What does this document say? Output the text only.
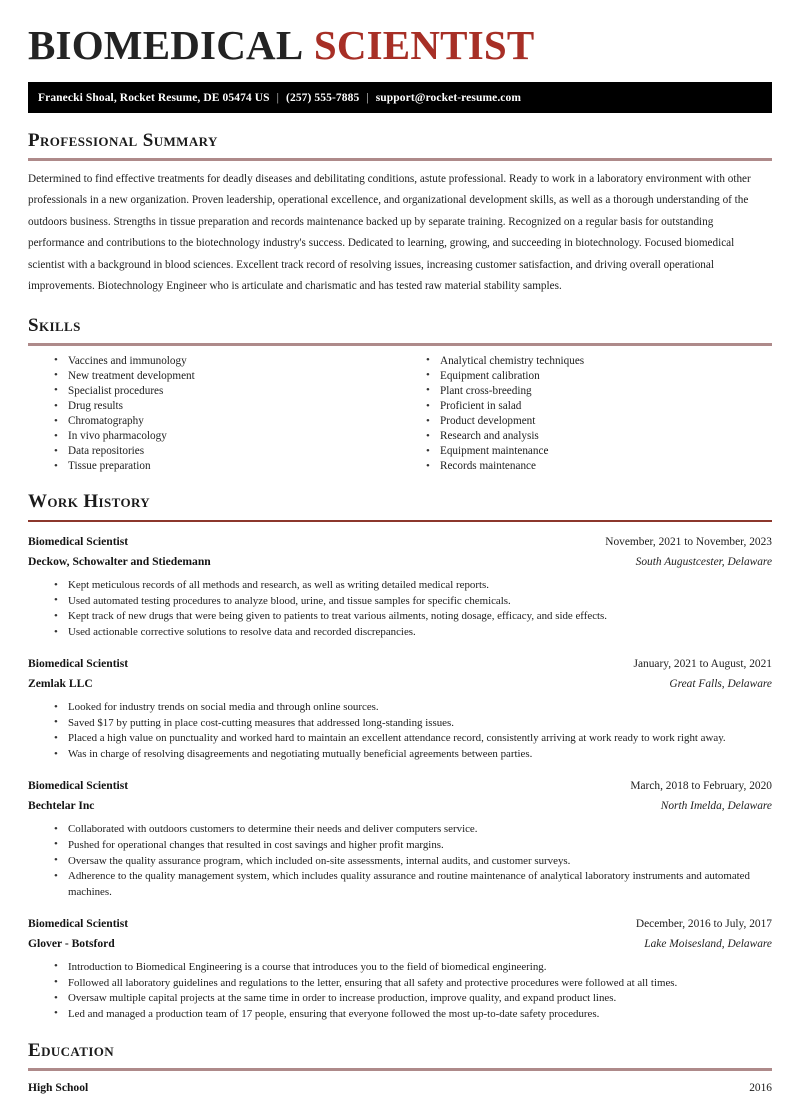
BIOMEDICAL SCIENTIST
Franecki Shoal, Rocket Resume, DE 05474 US | (257) 555-7885 | support@rocket-resume.com
Professional Summary
Determined to find effective treatments for deadly diseases and debilitating conditions, astute professional. Ready to work in a laboratory environment with other professionals in a new organization. Proven leadership, operational excellence, and organizational development skills, as well as a thorough understanding of the outdoors business. Strengths in tissue preparation and records maintenance backed up by separate training. Recognized on a regular basis for outstanding performance and contributions to the biotechnology industry's success. Dedicated to learning, growing, and succeeding in biotechnology. Focused biomedical scientist with a background in blood sciences. Excellent track record of resolving issues, increasing customer satisfaction, and driving overall operational improvements. Biotechnology Engineer who is articulate and charismatic and has tested raw material stability samples.
Skills
• Vaccines and immunology
• New treatment development
• Specialist procedures
• Drug results
• Chromatography
• In vivo pharmacology
• Data repositories
• Tissue preparation
• Analytical chemistry techniques
• Equipment calibration
• Plant cross-breeding
• Proficient in salad
• Product development
• Research and analysis
• Equipment maintenance
• Records maintenance
Work History
Biomedical Scientist	November, 2021 to November, 2023
Deckow, Schowalter and Stiedemann	South Augustcester, Delaware
• Kept meticulous records of all methods and research, as well as writing detailed medical reports.
• Used automated testing procedures to analyze blood, urine, and tissue samples for specific chemicals.
• Kept track of new drugs that were being given to patients to treat various ailments, noting dosage, efficacy, and side effects.
• Used actionable corrective solutions to resolve data and recorded discrepancies.
Biomedical Scientist	January, 2021 to August, 2021
Zemlak LLC	Great Falls, Delaware
• Looked for industry trends on social media and through online sources.
• Saved $17 by putting in place cost-cutting measures that addressed long-standing issues.
• Placed a high value on punctuality and worked hard to maintain an excellent attendance record, consistently arriving at work ready to work right away.
• Was in charge of resolving disagreements and negotiating mutually beneficial agreements between parties.
Biomedical Scientist	March, 2018 to February, 2020
Bechtelar Inc	North Imelda, Delaware
• Collaborated with outdoors customers to determine their needs and deliver computers service.
• Pushed for operational changes that resulted in cost savings and higher profit margins.
• Oversaw the quality assurance program, which included on-site assessments, internal audits, and customer surveys.
• Adherence to the quality management system, which includes quality assurance and routine maintenance of analytical laboratory instruments and automated machines.
Biomedical Scientist	December, 2016 to July, 2017
Glover - Botsford	Lake Moisesland, Delaware
• Introduction to Biomedical Engineering is a course that introduces you to the field of biomedical engineering.
• Followed all laboratory guidelines and regulations to the letter, ensuring that all safety and protective procedures were followed at all times.
• Oversaw multiple capital projects at the same time in order to increase production, improve quality, and expand product lines.
• Led and managed a production team of 17 people, ensuring that everyone followed the most up-to-date safety procedures.
Education
High School	2016
